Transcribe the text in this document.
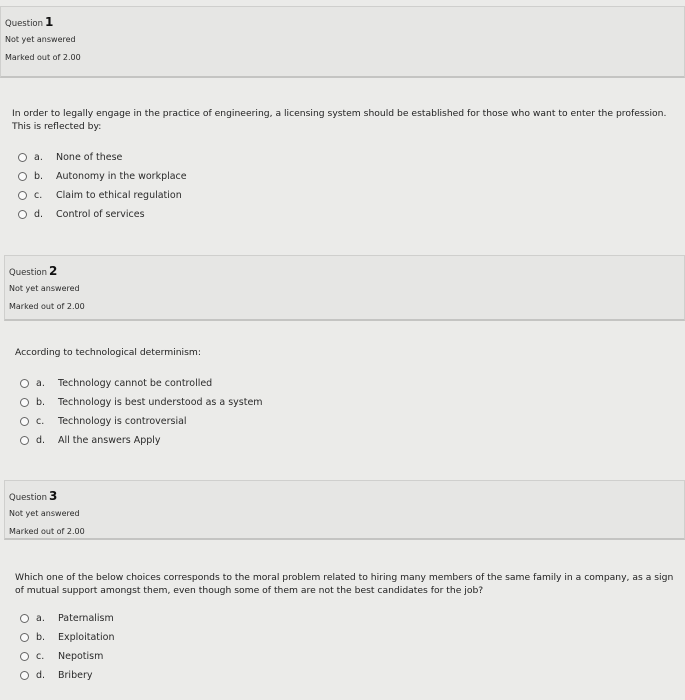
Question 1
Not yet answered
Marked out of 2.00
In order to legally engage in the practice of engineering, a licensing system should be established for those who want to enter the profession. This is reflected by:
a.	None of these
b.	Autonomy in the workplace
c.	Claim to ethical regulation
d.	Control of services
Question 2
Not yet answered
Marked out of 2.00
According to technological determinism:
a.	Technology cannot be controlled
b.	Technology is best understood as a system
c.	Technology is controversial
d.	All the answers Apply
Question 3
Not yet answered
Marked out of 2.00
Which one of the below choices corresponds to the moral problem related to hiring many members of the same family in a company, as a sign of mutual support amongst them, even though some of them are not the best candidates for the job?
a.	Paternalism
b.	Exploitation
c.	Nepotism
d.	Bribery
